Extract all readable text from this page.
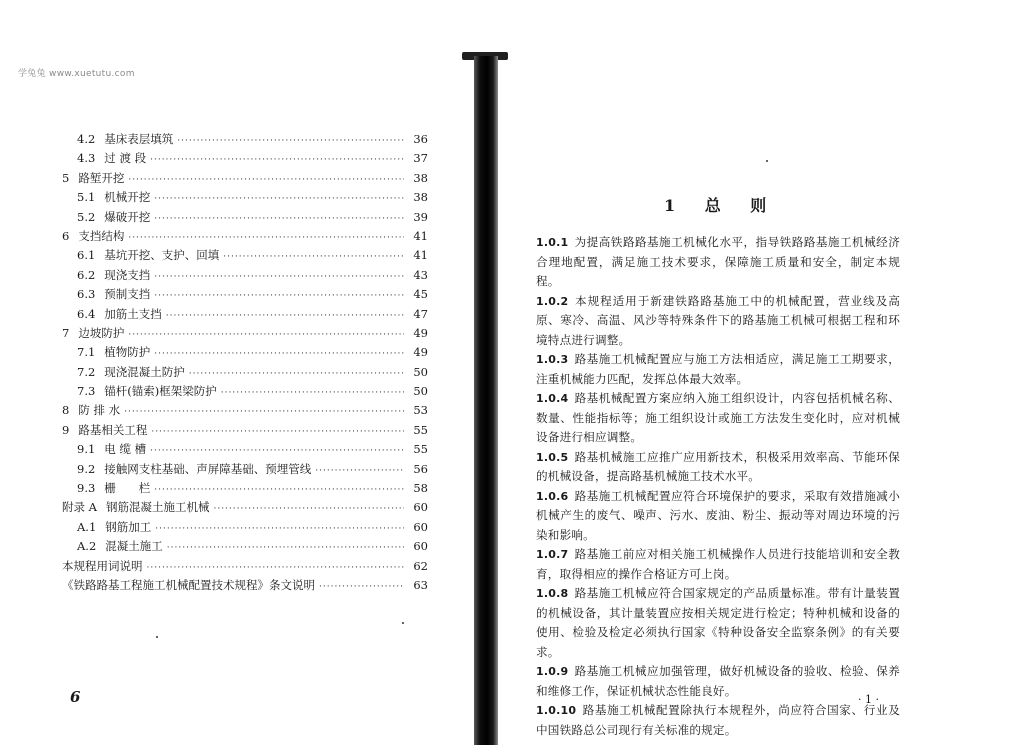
学兔兔 www.xuetutu.com
4.2 基床表层填筑 ·····	36
4.3 过 渡 段 ·····	37
5 路堑开挖 ·····	38
5.1 机械开挖 ·····	38
5.2 爆破开挖 ·····	39
6 支挡结构 ·····	41
6.1 基坑开挖、支护、回填 ·····	41
6.2 现浇支挡 ·····	43
6.3 预制支挡 ·····	45
6.4 加筋土支挡 ·····	47
7 边坡防护 ·····	49
7.1 植物防护 ·····	49
7.2 现浇混凝土防护 ·····	50
7.3 锚杆(锚索)框架梁防护 ·····	50
8 防 排 水 ·····	53
9 路基相关工程 ·····	55
9.1 电 缆 槽 ·····	55
9.2 接触网支柱基础、声屏障基础、预埋管线 ·····	56
9.3 栅　　栏 ·····	58
附录 A 钢筋混凝土施工机械 ·····	60
A.1 钢筋加工 ·····	60
A.2 混凝土施工 ·····	60
本规程用词说明 ·····	62
《铁路路基工程施工机械配置技术规程》条文说明 ·····	63
6
1 总 则
1.0.1 为提高铁路路基施工机械化水平，指导铁路路基施工机械经济合理地配置，满足施工技术要求，保障施工质量和安全，制定本规程。
1.0.2 本规程适用于新建铁路路基施工中的机械配置，营业线及高原、寒冷、高温、风沙等特殊条件下的路基施工机械可根据工程和环境特点进行调整。
1.0.3 路基施工机械配置应与施工方法相适应，满足施工工期要求，注重机械能力匹配，发挥总体最大效率。
1.0.4 路基机械配置方案应纳入施工组织设计，内容包括机械名称、数量、性能指标等；施工组织设计或施工方法发生变化时，应对机械设备进行相应调整。
1.0.5 路基机械施工应推广应用新技术，积极采用效率高、节能环保的机械设备，提高路基机械施工技术水平。
1.0.6 路基施工机械配置应符合环境保护的要求，采取有效措施减小机械产生的废气、噪声、污水、废油、粉尘、振动等对周边环境的污染和影响。
1.0.7 路基施工前应对相关施工机械操作人员进行技能培训和安全教育，取得相应的操作合格证方可上岗。
1.0.8 路基施工机械应符合国家规定的产品质量标准。带有计量装置的机械设备，其计量装置应按相关规定进行检定；特种机械和设备的使用、检验及检定必须执行国家《特种设备安全监察条例》的有关要求。
1.0.9 路基施工机械应加强管理，做好机械设备的验收、检验、保养和维修工作，保证机械状态性能良好。
1.0.10 路基施工机械配置除执行本规程外，尚应符合国家、行业及中国铁路总公司现行有关标准的规定。
· 1 ·
